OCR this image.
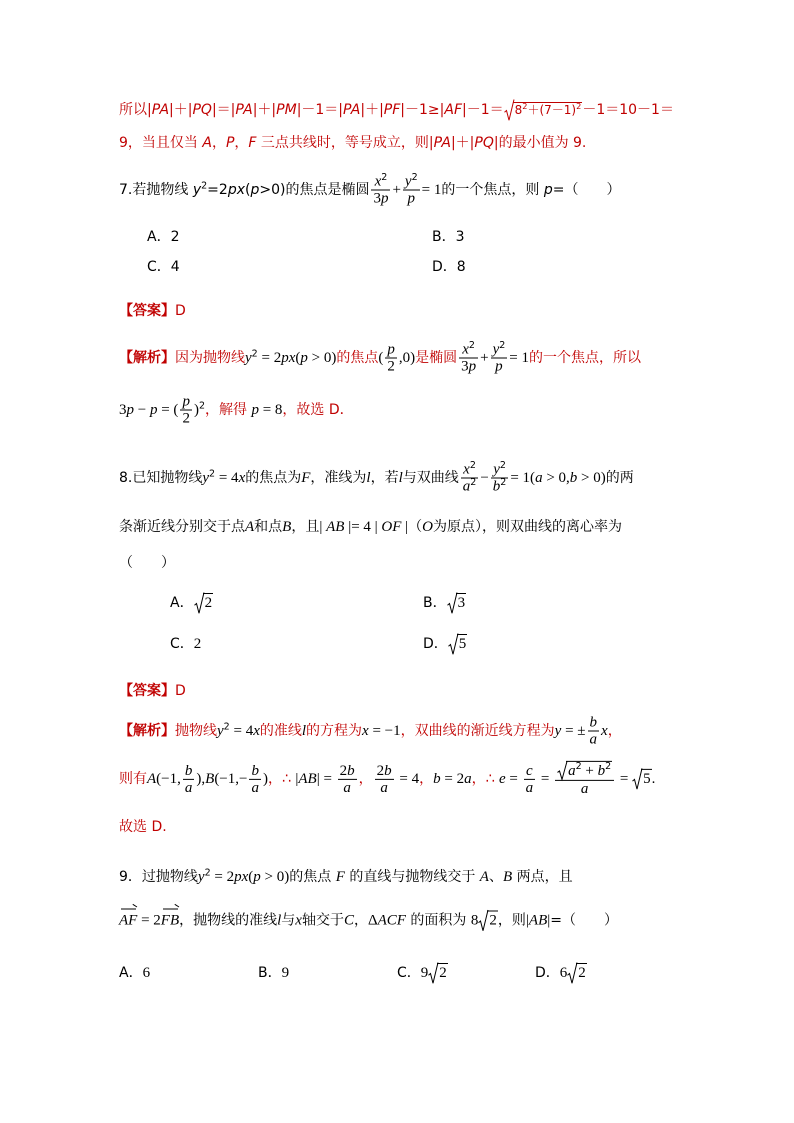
所以$|PA|+|PQ|=|PA|+|PM|-1=|PA|+|PF|-1\ge|AF|-1= 8^2+(7-1)^2-1=10-1=$
9，当且仅当 A，P，F 三点共线时，等号成立，则|PA|＋|PQ|的最小值为 9.
7.若抛物线 $y^2=2px(p>0)$的焦点是椭圆 $\frac{x^2}{3p} + \frac{y^2}{p} = 1$的一个焦点，则 p=（　　）
A．2	B．3
C．4	D．8
【答案】D
【解析】因为抛物线$y^2 = 2px(p > 0)$的焦点( $\frac{p}{2} ,0$)是椭圆 $\frac{x^2}{3p} + \frac{y^2}{p} = 1$的一个焦点，所以
3p − p = ( $\frac{p}{2} )^2$，解得 p = 8，故选 D．
8.已知抛物线$y^2 = 4x$的焦点为F，准线为l，若l与双曲线 $\frac{x^2}{a^2} - \frac{y^2}{b^2} = 1(a > 0,b > 0)$的两
条渐近线分别交于点A和点B，且| AB |= 4 | OF |（O为原点），则双曲线的离心率为
（　　）
A． 2	B． 3
C．2	D． 5
【答案】D
【解析】抛物线$y^2 = 4x$的准线l的方程为x = −1，双曲线的渐近线方程为y = ± $\frac{b}{a}$ x，
则有A(−1, $\frac{b}{a} ),B(-1,- \frac{b}{a}$ )，∴ $|AB| = \frac{2b}{a}$ ， $\frac{2b}{a} = 4$，b = 2a，∴ $e = \frac{c}{a} = \frac{a^2 + b^2}{a}$ =
5.
故选 D.
9．过抛物线$y^2 = 2px(p > 0)$的焦点 F 的直线与抛物线交于 A、B 两点，且
AF = 2FB，抛物线的准线l与x轴交于C，ΔACF 的面积为 8 2，则|AB|=（　　）
A．6	B．9	C．9 2	D．6 2
